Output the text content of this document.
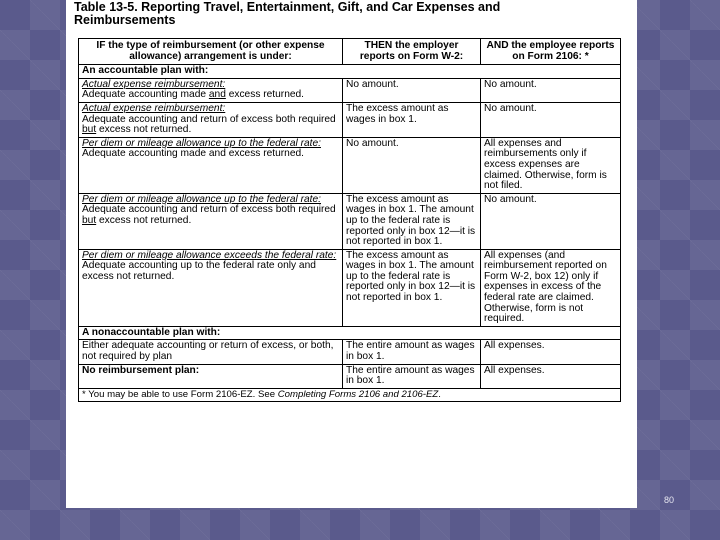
Table 13-5. Reporting Travel, Entertainment, Gift, and Car Expenses and
Reimbursements
IF the type of reimbursement (or other expense allowance) arrangement is under:	THEN the employer reports on Form W-2:	AND the employee reports on Form 2106: *
An accountable plan with:		

Actual expense reimbursement:
Adequate accounting made and excess returned.	No amount.	No amount.

Actual expense reimbursement:
Adequate accounting and return of excess both required but excess not returned.	The excess amount as wages in box 1.	No amount.

Per diem or mileage allowance up to the federal rate:
Adequate accounting made and excess returned.	No amount.	All expenses and reimbursements only if excess expenses are claimed. Otherwise, form is not filed.

Per diem or mileage allowance up to the federal rate:
Adequate accounting and return of excess both required but excess not returned.	The excess amount as wages in box 1. The amount up to the federal rate is reported only in box 12—it is not reported in box 1.	No amount.

Per diem or mileage allowance exceeds the federal rate:
Adequate accounting up to the federal rate only and excess not returned.	The excess amount as wages in box 1. The amount up to the federal rate is reported only in box 12—it is not reported in box 1.	All expenses (and reimbursement reported on Form W-2, box 12) only if expenses in excess of the federal rate are claimed. Otherwise, form is not required.
A nonaccountable plan with:		
Either adequate accounting or return of excess, or both, not required by plan	The entire amount as wages in box 1.	All expenses.
No reimbursement plan:	The entire amount as wages in box 1.	All expenses.
* You may be able to use Form 2106-EZ. See Completing Forms 2106 and 2106-EZ.		
80
